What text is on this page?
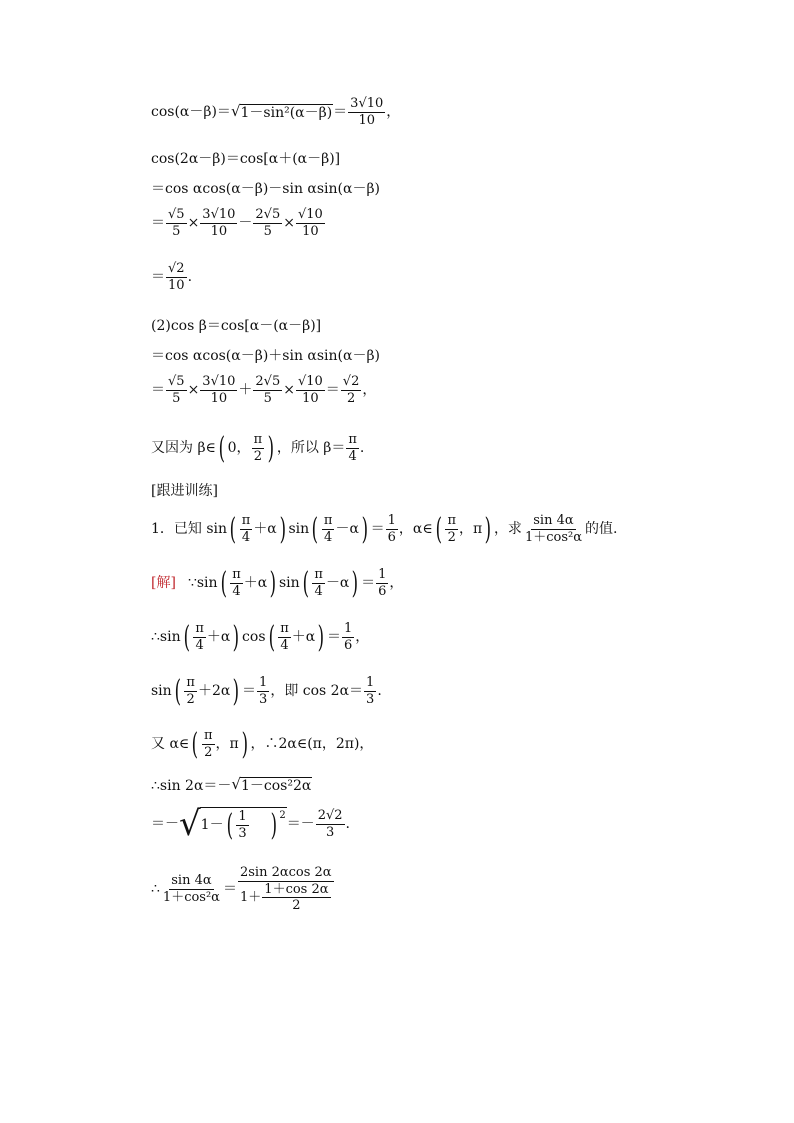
cos(α－β)＝ √ $1-\sin^2(\alpha-\beta) = \frac{3√10}{10}$ ，
cos(2α－β)＝cos[α＋(α－β)]
＝cos αcos(α－β)－sin αsin(α－β)
＝ $\frac{√5}{5} \times \frac{3√10}{10} - \frac{2√5}{5} \times \frac{√10}{10}$
＝ $\frac{√2}{10}$ .
(2)cos β＝cos[α－(α－β)]
＝cos αcos(α－β)＋sin αsin(α－β)
＝ $\frac{√5}{5} \times \frac{3√10}{10} + \frac{2√5}{5} \times \frac{√10}{10} = \frac{√2}{2}$ ，
又因为 β∈ ( 0， $\frac{\pi}{2}$ ) ，所以 $\beta= \frac{\pi}{4}$ .
[跟进训练]
1．已知 sin ( $\frac{\pi}{4} +\alpha$ ) sin ( $\frac{\pi}{4} -\alpha$ ) ＝ $\frac{1}{6}$ ，α∈ ( $\frac{\pi}{2}$ ，π ) ，求 $\frac{\sin 4\alpha}{\text{1＋cos²α}}$ 的值.
[解] ∵sin ( $\frac{\pi}{4} +\alpha$ ) sin ( $\frac{\pi}{4} -\alpha$ ) ＝ $\frac{1}{6}$ ，
∴sin ( $\frac{\pi}{4} +\alpha$ ) cos ( $\frac{\pi}{4} +\alpha$ ) ＝ $\frac{1}{6}$ ，
sin ( $\frac{\pi}{2} +2\alpha$ ) ＝ $\frac{1}{3}$ ，即 $\cos 2\alpha= \frac{1}{3}$ .
又 α∈ ( $\frac{\pi}{2}$ ，π ) ，∴2α∈(π，2π)，
∴sin 2α＝－ √ 1－cos²2α
＝－ √ 1－ ( $\frac{1}{3}$ ) $^2$
＝－ $\frac{2√2}{3}$ .
∴ $\frac{\sin 4\alpha}{\text{1＋cos²α}} = \frac{2\sin 2\alpha\cos 2\alpha}{1+ \frac{1+\cos 2\alpha}{2}}$
